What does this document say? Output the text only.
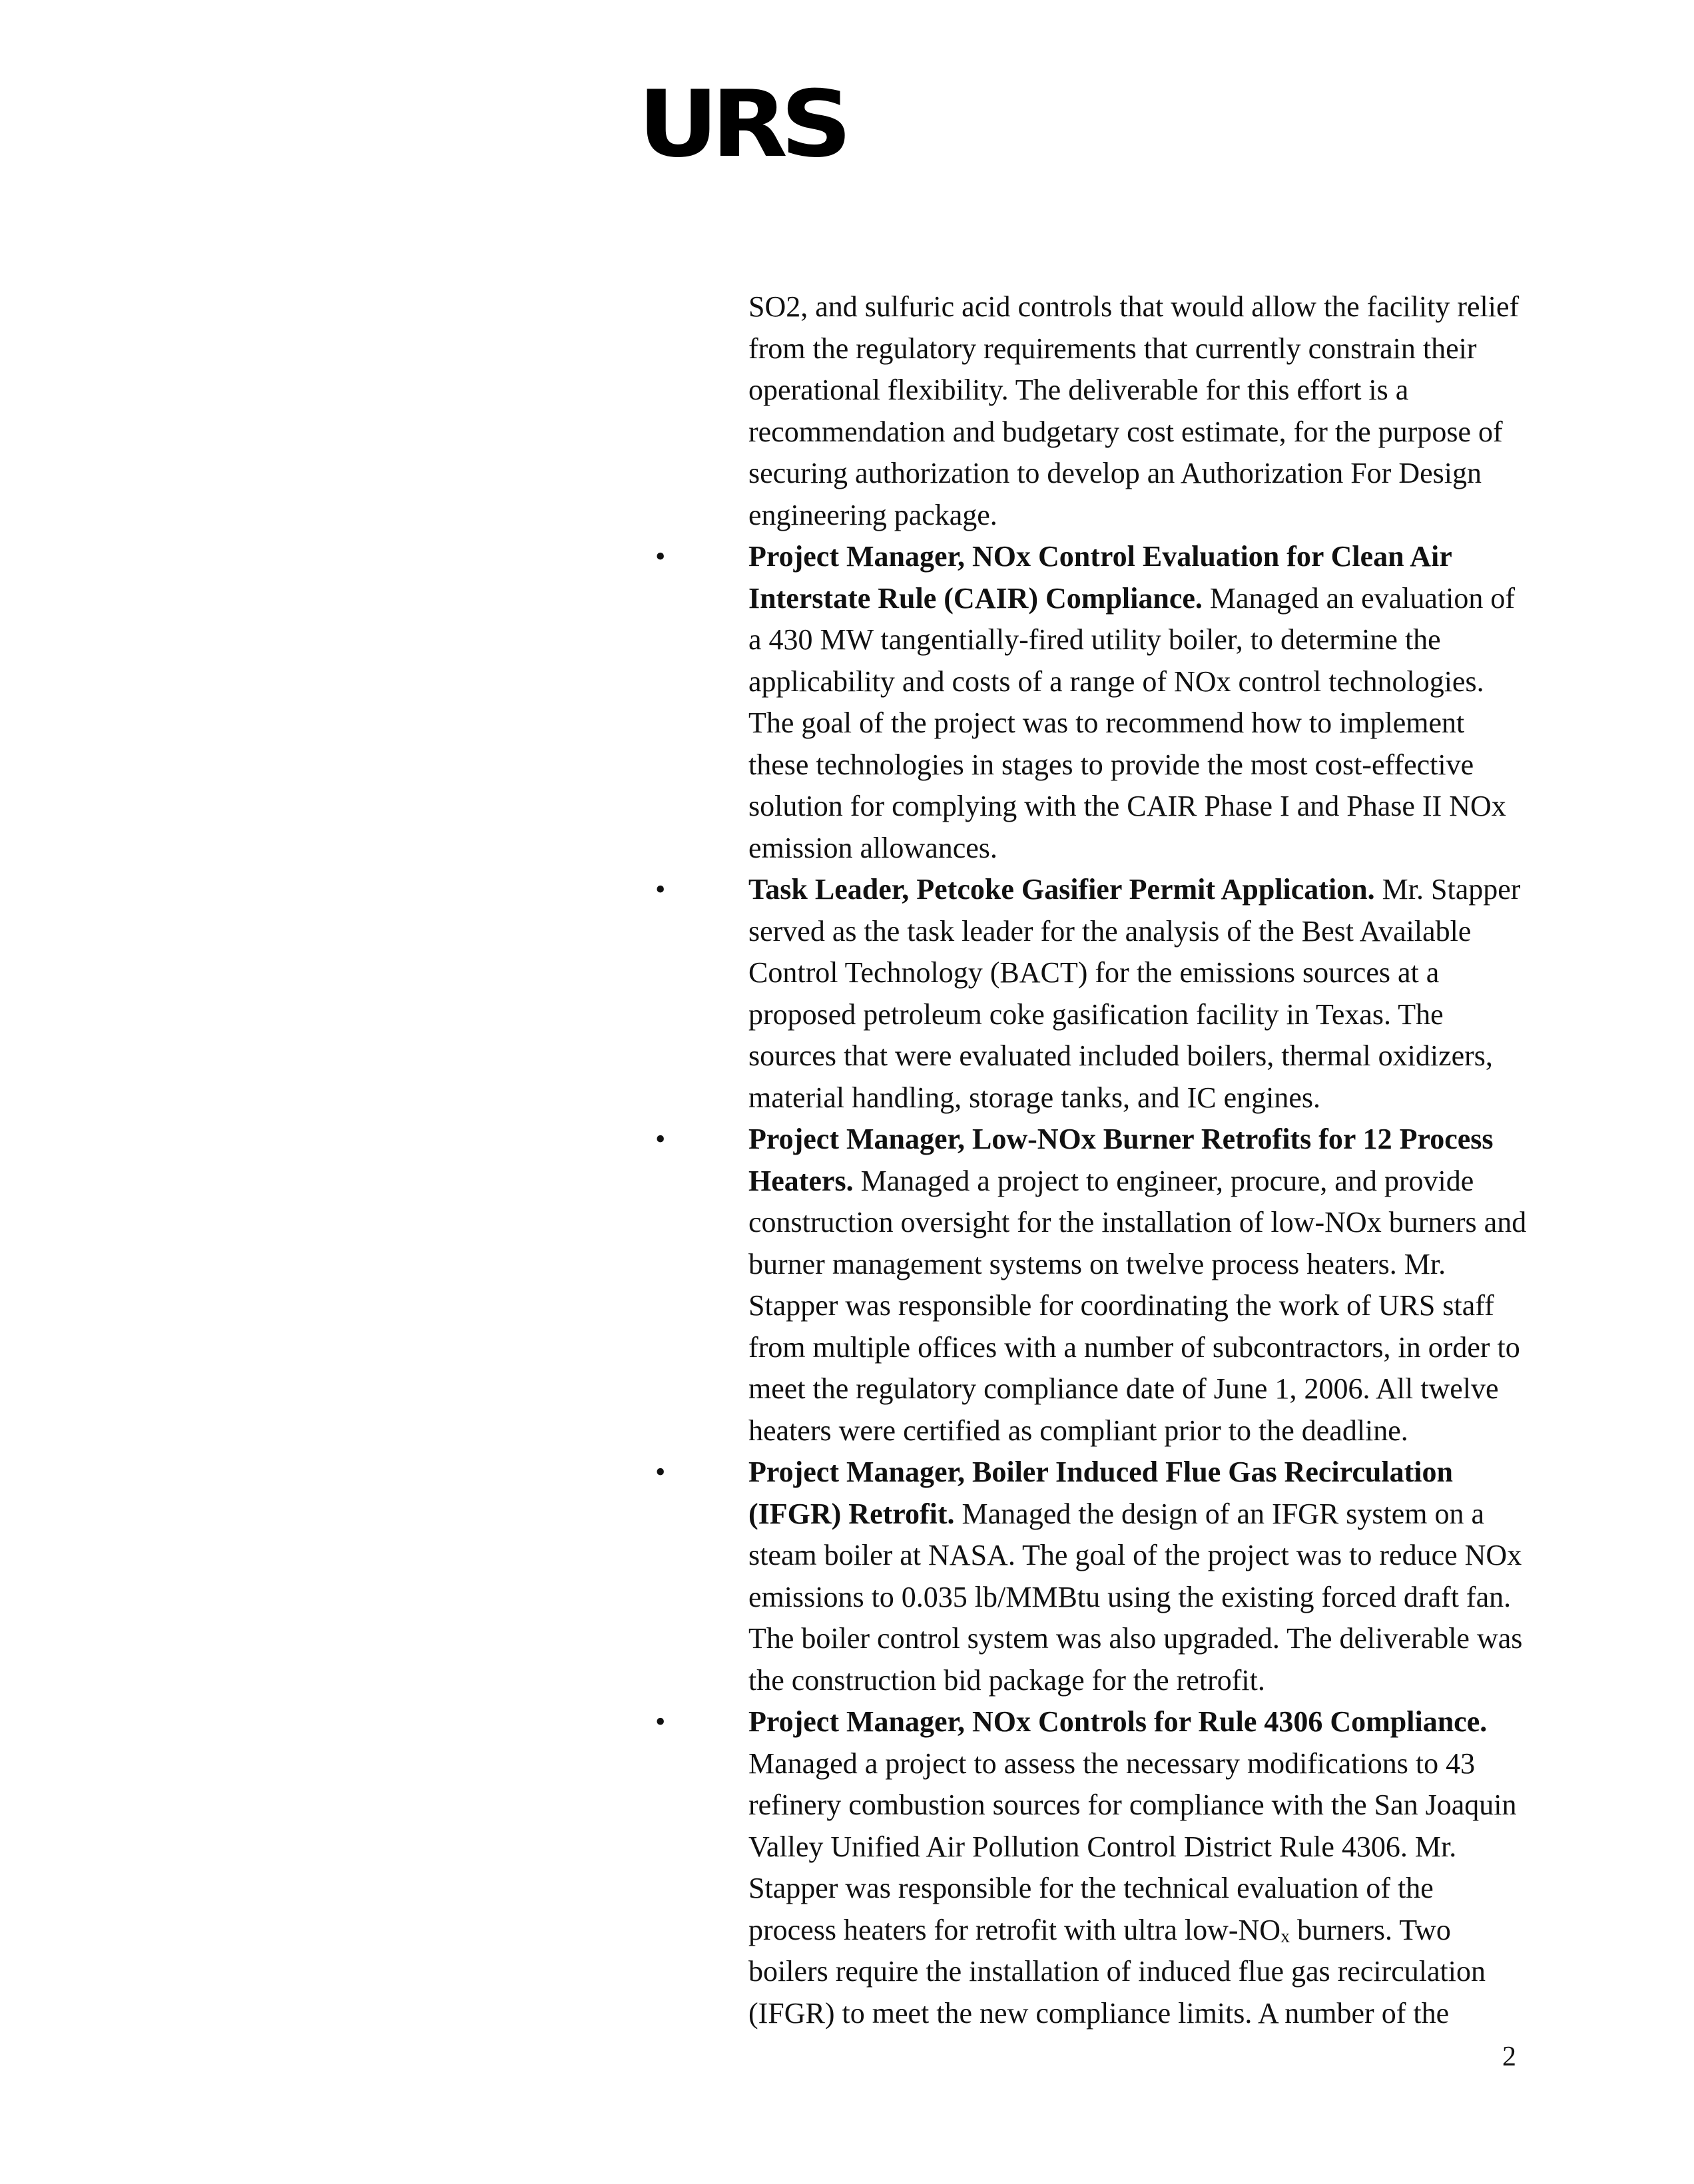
URS

SO2, and sulfuric acid controls that would allow the facility relief from the regulatory requirements that currently constrain their operational flexibility. The deliverable for this effort is a recommendation and budgetary cost estimate, for the purpose of securing authorization to develop an Authorization For Design engineering package.

•	Project Manager, NOx Control Evaluation for Clean Air Interstate Rule (CAIR) Compliance. Managed an evaluation of a 430 MW tangentially-fired utility boiler, to determine the applicability and costs of a range of NOx control technologies. The goal of the project was to recommend how to implement these technologies in stages to provide the most cost-effective solution for complying with the CAIR Phase I and Phase II NOx emission allowances.
•	Task Leader, Petcoke Gasifier Permit Application. Mr. Stapper served as the task leader for the analysis of the Best Available Control Technology (BACT) for the emissions sources at a proposed petroleum coke gasification facility in Texas. The sources that were evaluated included boilers, thermal oxidizers, material handling, storage tanks, and IC engines.
•	Project Manager, Low-NOx Burner Retrofits for 12 Process Heaters. Managed a project to engineer, procure, and provide construction oversight for the installation of low-NOx burners and burner management systems on twelve process heaters. Mr. Stapper was responsible for coordinating the work of URS staff from multiple offices with a number of subcontractors, in order to meet the regulatory compliance date of June 1, 2006. All twelve heaters were certified as compliant prior to the deadline.
•	Project Manager, Boiler Induced Flue Gas Recirculation (IFGR) Retrofit. Managed the design of an IFGR system on a steam boiler at NASA. The goal of the project was to reduce NOx emissions to 0.035 lb/MMBtu using the existing forced draft fan. The boiler control system was also upgraded. The deliverable was the construction bid package for the retrofit.
•	Project Manager, NOx Controls for Rule 4306 Compliance. Managed a project to assess the necessary modifications to 43 refinery combustion sources for compliance with the San Joaquin Valley Unified Air Pollution Control District Rule 4306. Mr. Stapper was responsible for the technical evaluation of the process heaters for retrofit with ultra low-$NO_x$ burners. Two boilers require the installation of induced flue gas recirculation (IFGR) to meet the new compliance limits. A number of the
2
